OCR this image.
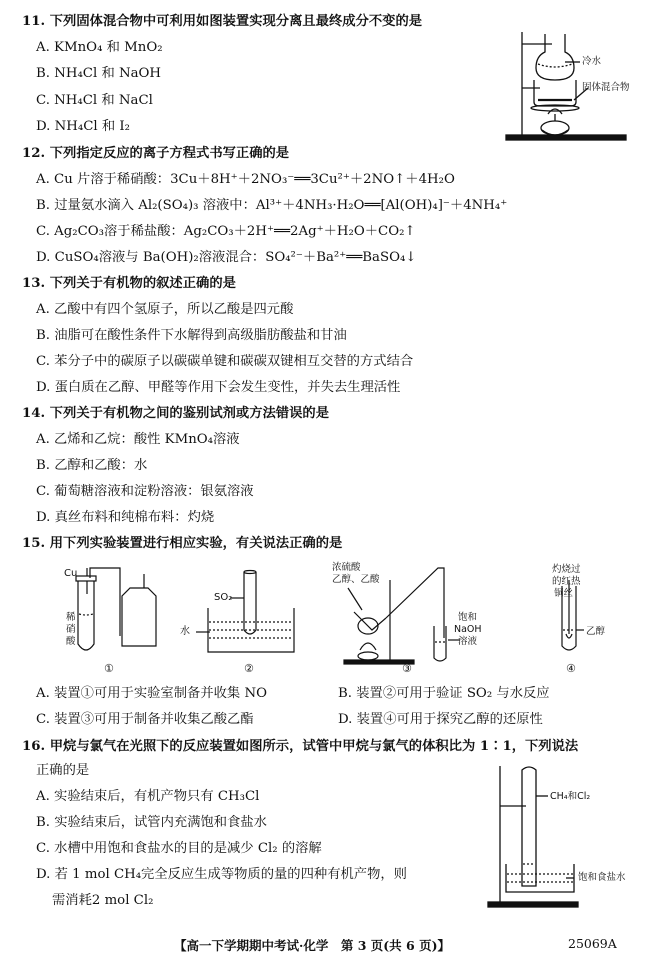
11. 下列固体混合物中可利用如图装置实现分离且最终成分不变的是
A. KMnO₄ 和 MnO₂
B. NH₄Cl 和 NaOH
C. NH₄Cl 和 NaCl
D. NH₄Cl 和 I₂
冷水
固体混合物
12. 下列指定反应的离子方程式书写正确的是
A. Cu 片溶于稀硝酸：3Cu＋8H⁺＋2NO₃⁻══3Cu²⁺＋2NO↑＋4H₂O
B. 过量氨水滴入 Al₂(SO₄)₃ 溶液中：Al³⁺＋4NH₃·H₂O══[Al(OH)₄]⁻＋4NH₄⁺
C. Ag₂CO₃溶于稀盐酸：Ag₂CO₃＋2H⁺══2Ag⁺＋H₂O＋CO₂↑
D. CuSO₄溶液与 Ba(OH)₂溶液混合：SO₄²⁻＋Ba²⁺══BaSO₄↓
13. 下列关于有机物的叙述正确的是
A. 乙酸中有四个氢原子，所以乙酸是四元酸
B. 油脂可在酸性条件下水解得到高级脂肪酸盐和甘油
C. 苯分子中的碳原子以碳碳单键和碳碳双键相互交替的方式结合
D. 蛋白质在乙醇、甲醛等作用下会发生变性，并失去生理活性
14. 下列关于有机物之间的鉴别试剂或方法错误的是
A. 乙烯和乙烷：酸性 KMnO₄溶液
B. 乙醇和乙酸：水
C. 葡萄糖溶液和淀粉溶液：银氨溶液
D. 真丝布料和纯棉布料：灼烧
15. 用下列实验装置进行相应实验，有关说法正确的是
Cu
稀
硝
酸
①
SO₂
水
②
浓硫酸
乙醇、乙酸
饱和
NaOH
溶液
③
灼烧过
的红热
铜丝
乙醇
④
A. 装置①可用于实验室制备并收集 NO	B. 装置②可用于验证 SO₂ 与水反应
C. 装置③可用于制备并收集乙酸乙酯	D. 装置④可用于探究乙醇的还原性
16. 甲烷与氯气在光照下的反应装置如图所示，试管中甲烷与氯气的体积比为 1∶1，下列说法
正确的是
A. 实验结束后，有机产物只有 CH₃Cl
B. 实验结束后，试管内充满饱和食盐水
C. 水槽中用饱和食盐水的目的是减少 Cl₂ 的溶解
D. 若 1 mol CH₄完全反应生成等物质的量的四种有机产物，则
需消耗2 mol Cl₂
CH₄和Cl₂
饱和食盐水
【高一下学期期中考试·化学　第 3 页(共 6 页)】	25069A
